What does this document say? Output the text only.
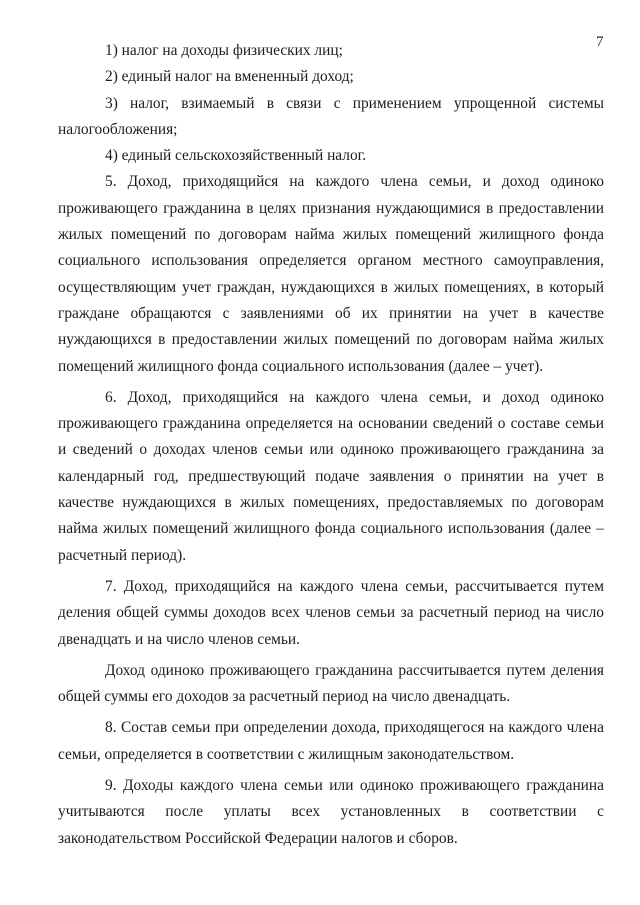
7

1) налог на доходы физических лиц;

2) единый налог на вмененный доход;

3) налог, взимаемый в связи с применением упрощенной системы налогообложения;

4) единый сельскохозяйственный налог.

5. Доход, приходящийся на каждого члена семьи, и доход одиноко проживающего гражданина в целях признания нуждающимися в предоставлении жилых помещений по договорам найма жилых помещений жилищного фонда социального использования определяется органом местного самоуправления, осуществляющим учет граждан, нуждающихся в жилых помещениях, в который граждане обращаются с заявлениями об их принятии на учет в качестве нуждающихся в предоставлении жилых помещений по договорам найма жилых помещений жилищного фонда социального использования (далее – учет).

6. Доход, приходящийся на каждого члена семьи, и доход одиноко проживающего гражданина определяется на основании сведений о составе семьи и сведений о доходах членов семьи или одиноко проживающего гражданина за календарный год, предшествующий подаче заявления о принятии на учет в качестве нуждающихся в жилых помещениях, предоставляемых по договорам найма жилых помещений жилищного фонда социального использования (далее – расчетный период).

7. Доход, приходящийся на каждого члена семьи, рассчитывается путем деления общей суммы доходов всех членов семьи за расчетный период на число двенадцать и на число членов семьи.

Доход одиноко проживающего гражданина рассчитывается путем деления общей суммы его доходов за расчетный период на число двенадцать.

8. Состав семьи при определении дохода, приходящегося на каждого члена семьи, определяется в соответствии с жилищным законодательством.

9. Доходы каждого члена семьи или одиноко проживающего гражданина учитываются после уплаты всех установленных в соответствии с законодательством Российской Федерации налогов и сборов.
